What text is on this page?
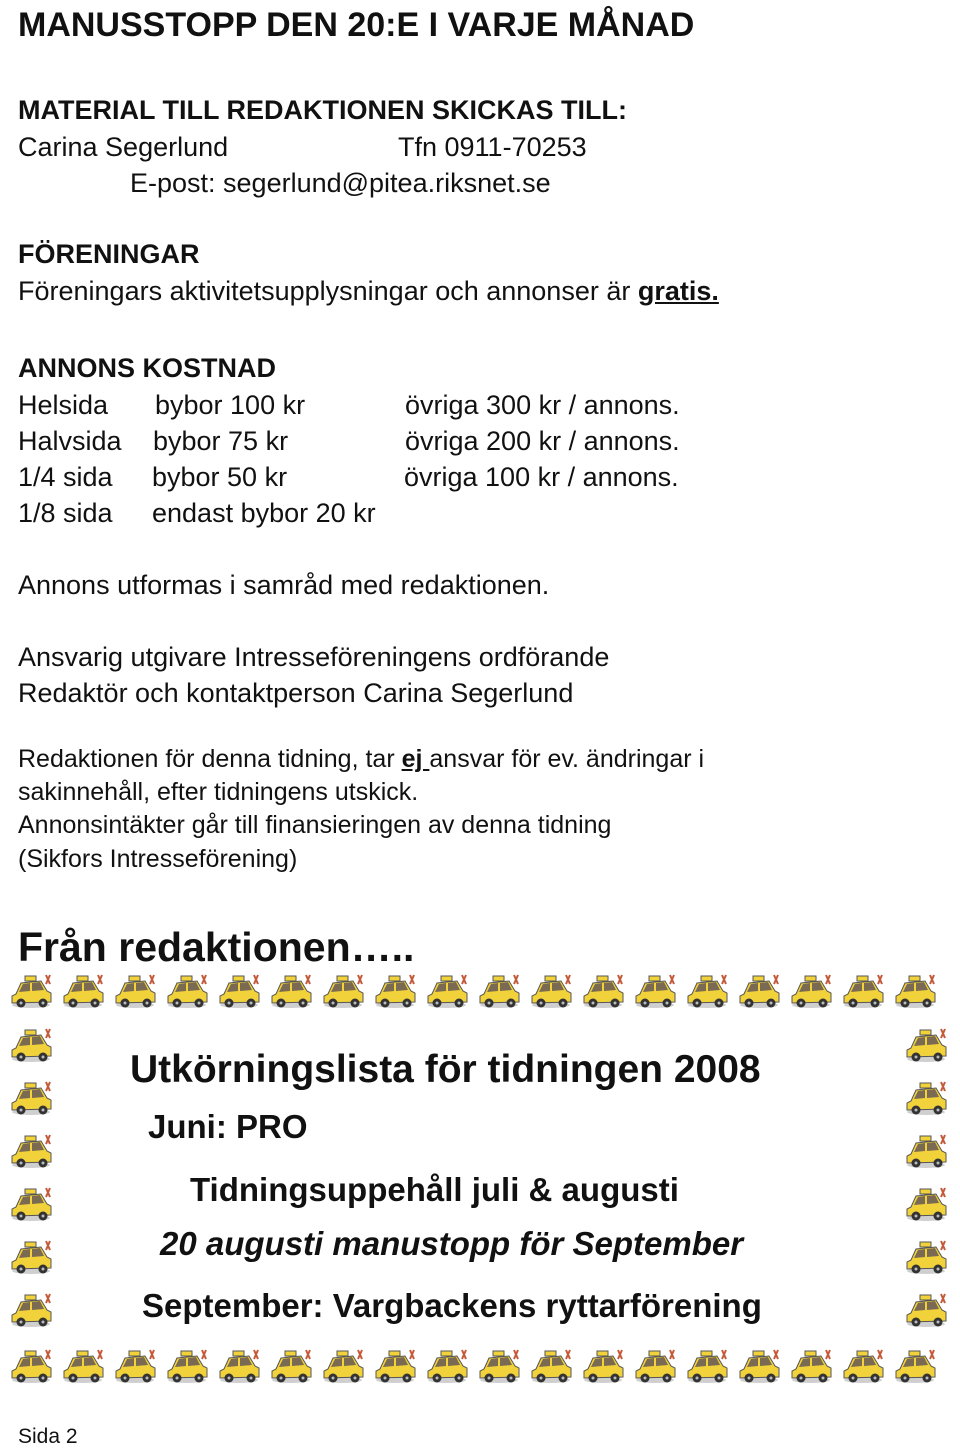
MANUSSTOPP DEN 20:E I VARJE MÅNAD
MATERIAL TILL REDAKTIONEN SKICKAS TILL:
Carina Segerlund	Tfn 0911-70253
E-post: segerlund@pitea.riksnet.se
FÖRENINGAR
Föreningars aktivitetsupplysningar och annonser är gratis.
ANNONS KOSTNAD
Helsida bybor 100 kr	övriga 300 kr / annons.
Halvsida bybor 75 kr	övriga 200 kr / annons.
1/4 sida bybor 50 kr	övriga 100 kr / annons.
1/8 sida endast bybor 20 kr
Annons utformas i samråd med redaktionen.
Ansvarig utgivare Intresseföreningens ordförande
Redaktör och kontaktperson Carina Segerlund
Redaktionen för denna tidning, tar ej ansvar för ev. ändringar i
sakinnehåll, efter tidningens utskick.
Annonsintäkter går till finansieringen av denna tidning
(Sikfors Intresseförening)
Från redaktionen…..
Utkörningslista för tidningen 2008
Juni: PRO
Tidningsuppehåll juli & augusti
20 augusti manustopp för September
September: Vargbackens ryttarförening
Sida 2
